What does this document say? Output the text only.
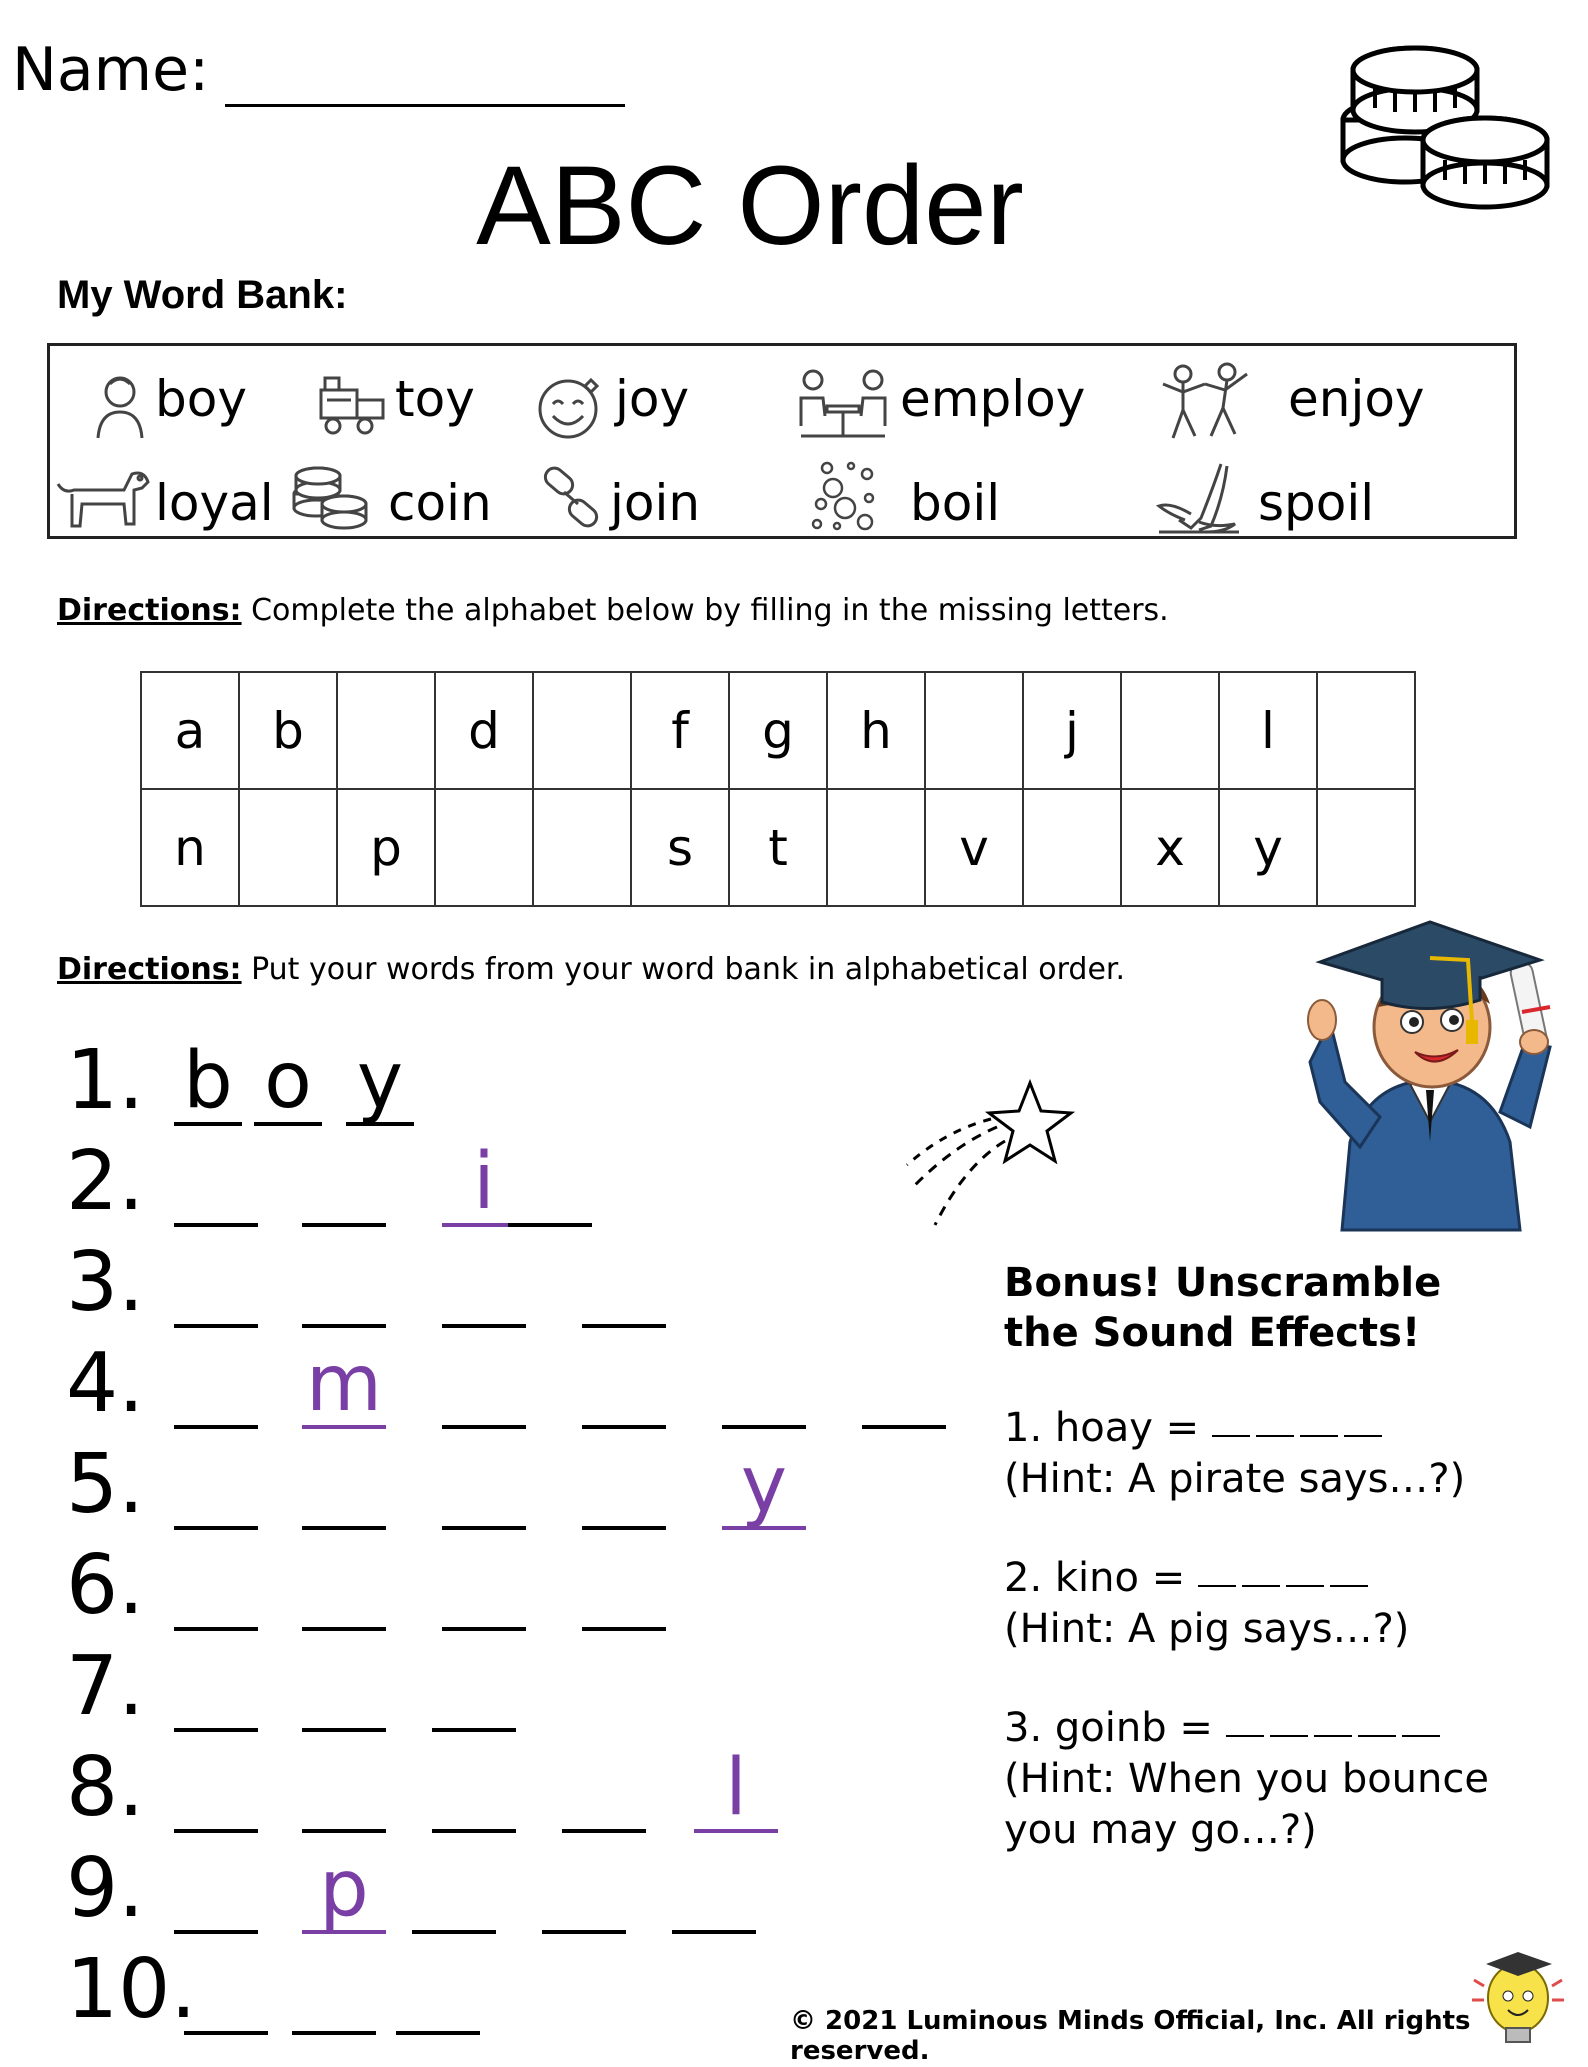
Name:
ABC Order
My Word Bank:
boy	toy	joy	employ	enjoy
loyal coin join	boil	spoil
Directions: Complete the alphabet below by filling in the missing letters.
a	b		d		f	g	h		j		l	
n		p			s	t		v		x	y	
Directions: Put your words from your word bank in alphabetical order.
1. b o y
2.	i
3.
4. m
5.	y
6.
7.
8.	l
9. p
10.
Bonus! Unscramble the Sound Effects!
1. hoay =
(Hint: A pirate says…?)
2. kino =
(Hint: A pig says…?)
3. goinb =
(Hint: When you bounce you may go…?)
© 2021 Luminous Minds Official, Inc. All rights reserved.
